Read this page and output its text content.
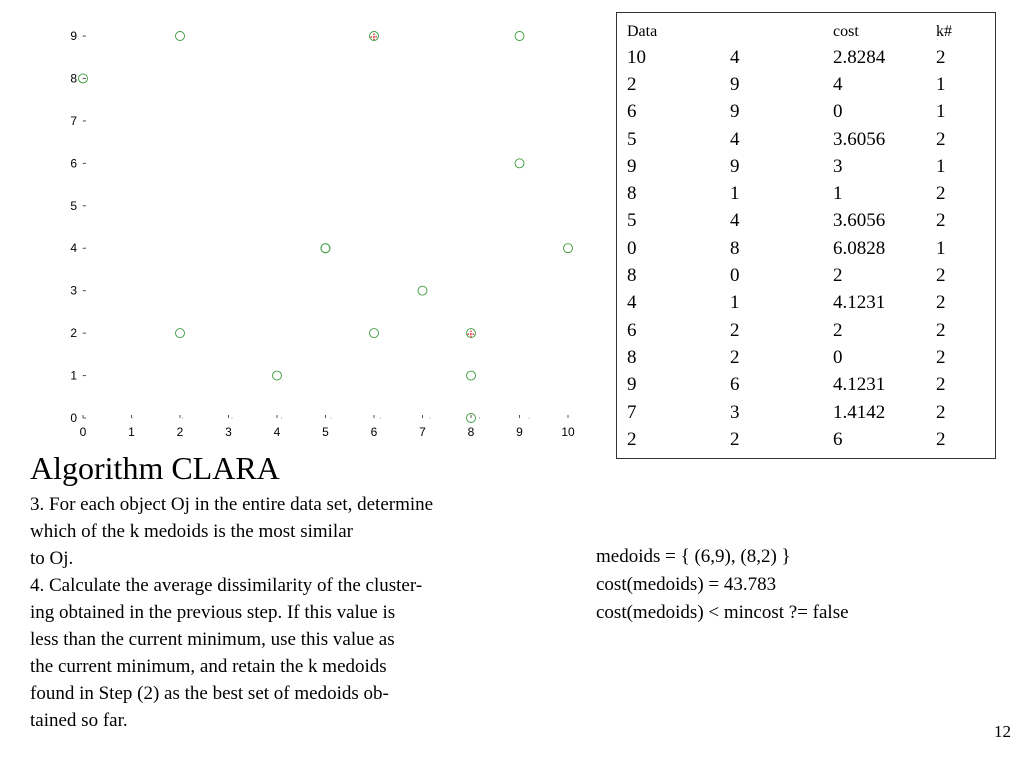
0	1	2	3	4	5	6	7	8	9	10
0
1
2
3
4
5
6
7
8
9	Data		cost	k#
10	4	2.8284	2
2	9	4	1
6	9	0	1
5	4	3.6056	2
9	9	3	1
8	1	1	2
5	4	3.6056	2
0	8	6.0828	1
8	0	2	2
4	1	4.1231	2
6	2	2	2
8	2	0	2
9	6	4.1231	2
7	3	1.4142	2
2	2	6	2
Algorithm CLARA
3. For each object Oj in the entire data set, determine
which of the k medoids is the most similar
to Oj.
4. Calculate the average dissimilarity of the cluster-
ing obtained in the previous step. If this value is
less than the current minimum, use this value as
the current minimum, and retain the k medoids
found in Step (2) as the best set of medoids ob-
tained so far.
medoids = { (6,9), (8,2) }
cost(medoids) = 43.783
cost(medoids) < mincost ?= false
12
